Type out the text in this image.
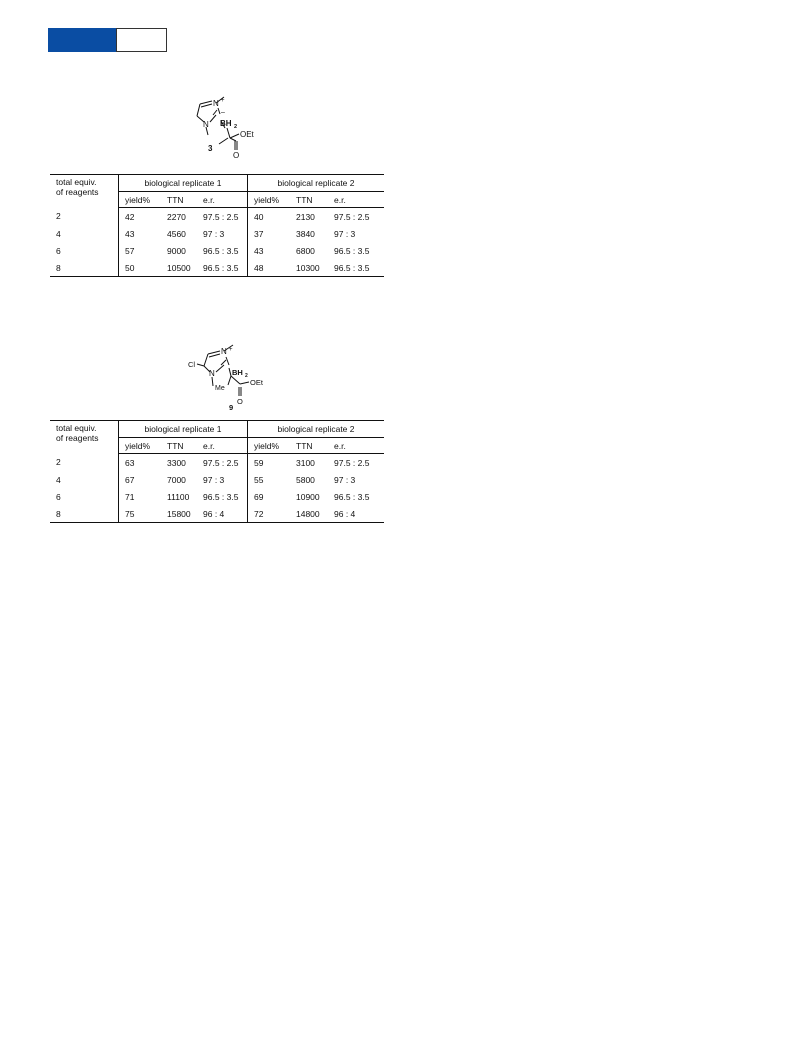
N +
N
–
BH 2
OEt
O
3
total equiv.
of reagents	biological replicate 1			biological replicate 2		
	yield%	TTN	e.r.	yield%	TTN	e.r.
2	42	2270	97.5 : 2.5	40	2130	97.5 : 2.5
4	43	4560	97 : 3	37	3840	97 : 3
6	57	9000	96.5 : 3.5	43	6800	96.5 : 3.5
8	50	10500	96.5 : 3.5	48	10300	96.5 : 3.5
Cl
N +
N BH 2
OEt
O
Me
9
total equiv.
of reagents	biological replicate 1			biological replicate 2		
	yield%	TTN	e.r.	yield%	TTN	e.r.
2	63	3300	97.5 : 2.5	59	3100	97.5 : 2.5
4	67	7000	97 : 3	55	5800	97 : 3
6	71	11100	96.5 : 3.5	69	10900	96.5 : 3.5
8	75	15800	96 : 4	72	14800	96 : 4
